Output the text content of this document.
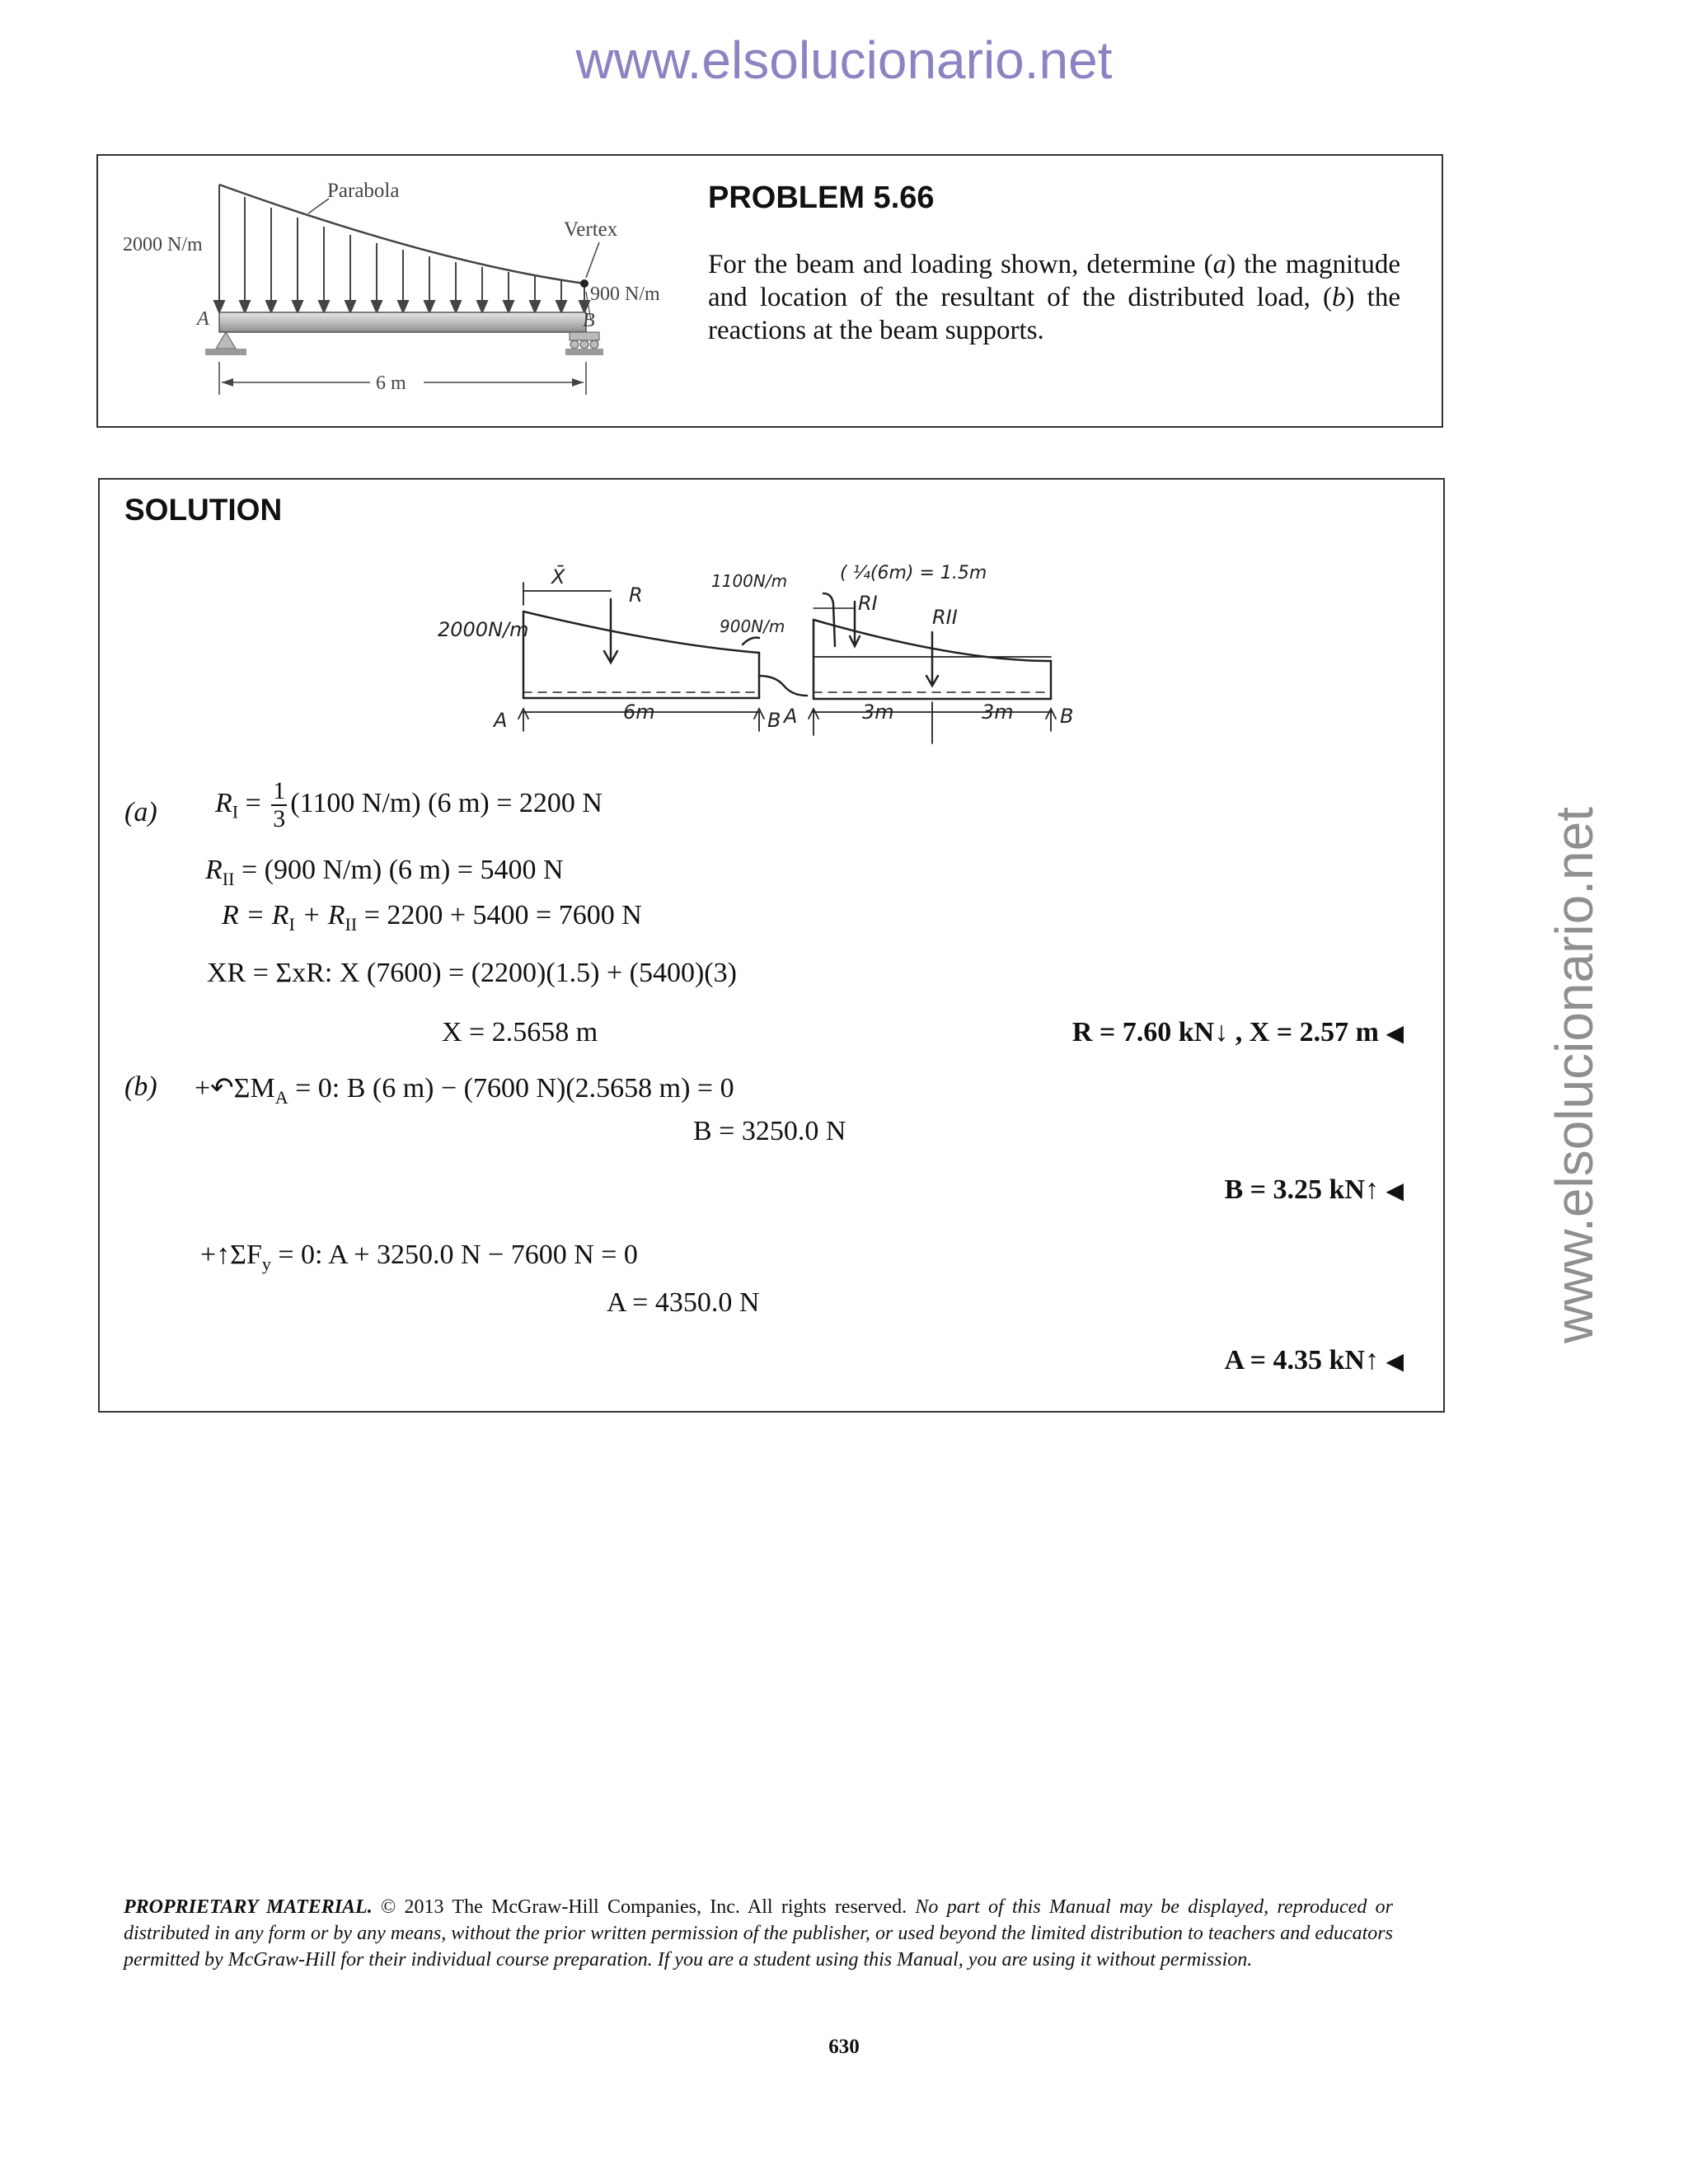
www.elsolucionario.net
www.elsolucionario.net
Parabola
Vertex
2000 N/m
900 N/m
A	B
6 m
PROBLEM 5.66
For the beam and loading shown, determine (a) the magnitude and location of the resultant of the distributed load, (b) the reactions at the beam supports.
SOLUTION
2000N/m
X̄
R
1100N/m
900N/m
( ¼(6m) = 1.5m
RI
RII
6m	3m	3m
A	B A	B
(a) $R_I = \frac{1}{3} (1100$ N/m) (6 m) = 2200 N
$R_{II} = (900$ N/m) (6 m) = 5400 N
$R = R_I + R_{II} = 2200 + 5400 = 7600$ N
XR = ΣxR: X (7600) = (2200)(1.5) + (5400)(3)
X = 2.5658 m	R = 7.60 kN↓ , X = 2.57 m ◀
$(b) +↶\Sigma M_A = 0$: B (6 m) − (7600 N)(2.5658 m) = 0
B = 3250.0 N
B = 3.25 kN↑ ◀
$+↑\Sigma F_y = 0$: A + 3250.0 N − 7600 N = 0
A = 4350.0 N
A = 4.35 kN↑ ◀
PROPRIETARY MATERIAL. © 2013 The McGraw-Hill Companies, Inc. All rights reserved. No part of this Manual may be displayed, reproduced or distributed in any form or by any means, without the prior written permission of the publisher, or used beyond the limited distribution to teachers and educators permitted by McGraw-Hill for their individual course preparation. If you are a student using this Manual, you are using it without permission.
630
